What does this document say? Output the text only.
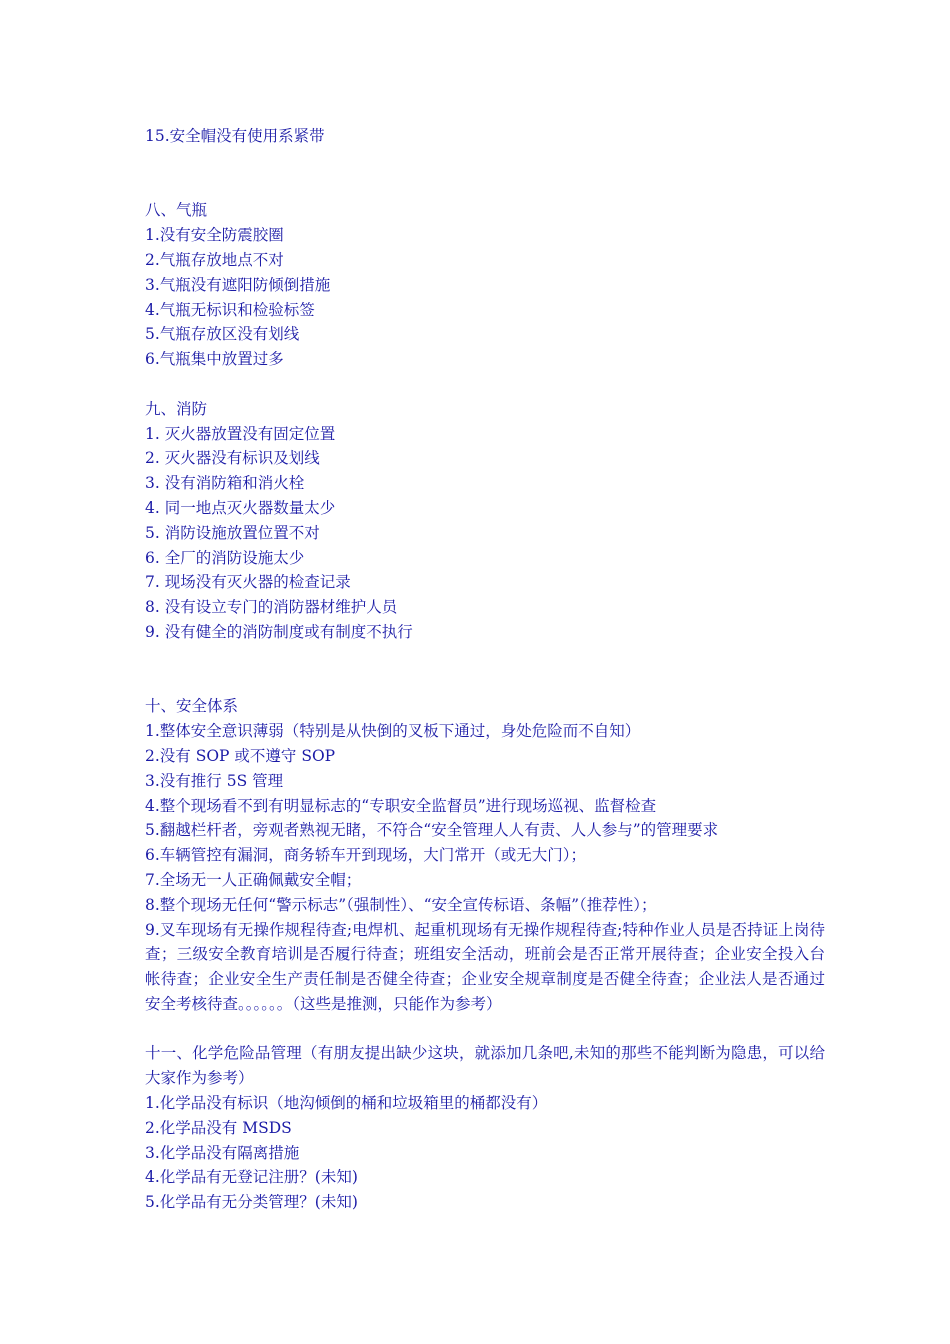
15.安全帽没有使用系紧带
八、气瓶
1.没有安全防震胶圈
2.气瓶存放地点不对
3.气瓶没有遮阳防倾倒措施
4.气瓶无标识和检验标签
5.气瓶存放区没有划线
6.气瓶集中放置过多
九、消防
1. 灭火器放置没有固定位置
2. 灭火器没有标识及划线
3. 没有消防箱和消火栓
4. 同一地点灭火器数量太少
5. 消防设施放置位置不对
6. 全厂的消防设施太少
7. 现场没有灭火器的检查记录
8. 没有设立专门的消防器材维护人员
9. 没有健全的消防制度或有制度不执行
十、安全体系
1.整体安全意识薄弱（特别是从快倒的叉板下通过，身处危险而不自知）
2.没有 SOP 或不遵守 SOP
3.没有推行 5S 管理
4.整个现场看不到有明显标志的“专职安全监督员”进行现场巡视、监督检查
5.翻越栏杆者，旁观者熟视无睹，不符合“安全管理人人有责、人人参与”的管理要求
6.车辆管控有漏洞，商务轿车开到现场，大门常开（或无大门）；
7.全场无一人正确佩戴安全帽；
8.整个现场无任何“警示标志”（强制性）、“安全宣传标语、条幅”（推荐性）；
9.叉车现场有无操作规程待查;电焊机、起重机现场有无操作规程待查;特种作业人员是否持证上岗待查；三级安全教育培训是否履行待查；班组安全活动，班前会是否正常开展待查；企业安全投入台帐待查；企业安全生产责任制是否健全待查；企业安全规章制度是否健全待查；企业法人是否通过安全考核待查。。。。。。（这些是推测，只能作为参考）
十一、化学危险品管理（有朋友提出缺少这块，就添加几条吧,未知的那些不能判断为隐患，可以给大家作为参考）
1.化学品没有标识（地沟倾倒的桶和垃圾箱里的桶都没有）
2.化学品没有 MSDS
3.化学品没有隔离措施
4.化学品有无登记注册？(未知)
5.化学品有无分类管理？(未知)
